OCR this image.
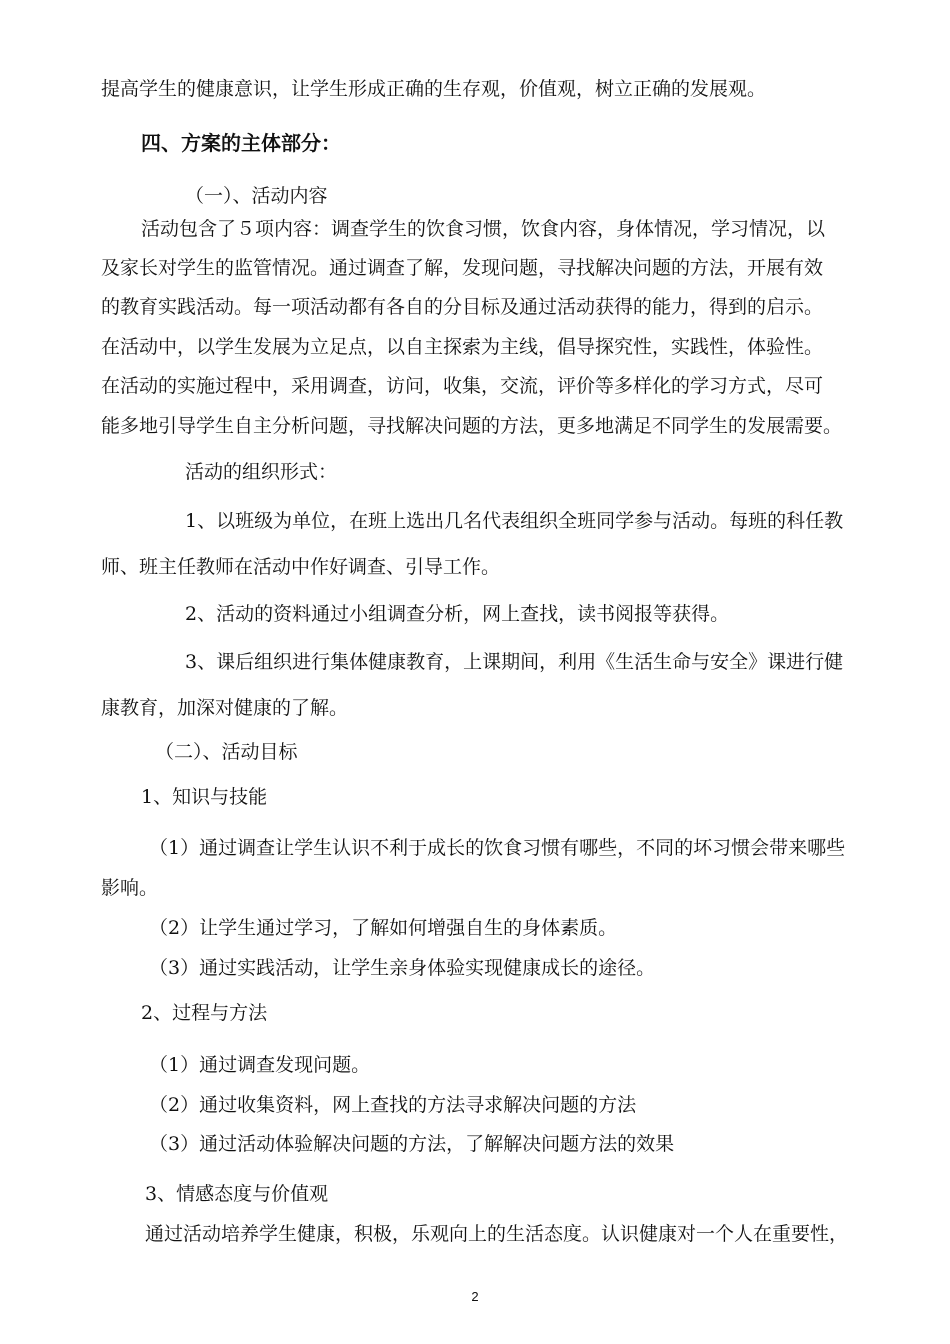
提高学生的健康意识，让学生形成正确的生存观，价值观，树立正确的发展观。
四、方案的主体部分：
（一）、活动内容
活动包含了５项内容：调查学生的饮食习惯，饮食内容，身体情况，学习情况，以
及家长对学生的监管情况。通过调查了解，发现问题，寻找解决问题的方法，开展有效
的教育实践活动。每一项活动都有各自的分目标及通过活动获得的能力，得到的启示。
在活动中，以学生发展为立足点，以自主探索为主线，倡导探究性，实践性，体验性。
在活动的实施过程中，采用调查，访问，收集，交流，评价等多样化的学习方式，尽可
能多地引导学生自主分析问题，寻找解决问题的方法，更多地满足不同学生的发展需要。
活动的组织形式：
1、以班级为单位，在班上选出几名代表组织全班同学参与活动。每班的科任教
师、班主任教师在活动中作好调查、引导工作。
2、活动的资料通过小组调查分析，网上查找，读书阅报等获得。
3、课后组织进行集体健康教育，上课期间，利用《生活生命与安全》课进行健
康教育，加深对健康的了解。
（二）、活动目标
1、知识与技能
（1）通过调查让学生认识不利于成长的饮食习惯有哪些，不同的坏习惯会带来哪些
影响。
（2）让学生通过学习，了解如何增强自生的身体素质。
（3）通过实践活动，让学生亲身体验实现健康成长的途径。
2、过程与方法
（1）通过调查发现问题。
（2）通过收集资料，网上查找的方法寻求解决问题的方法
（3）通过活动体验解决问题的方法，了解解决问题方法的效果
3、情感态度与价值观
通过活动培养学生健康，积极，乐观向上的生活态度。认识健康对一个人在重要性，
2
